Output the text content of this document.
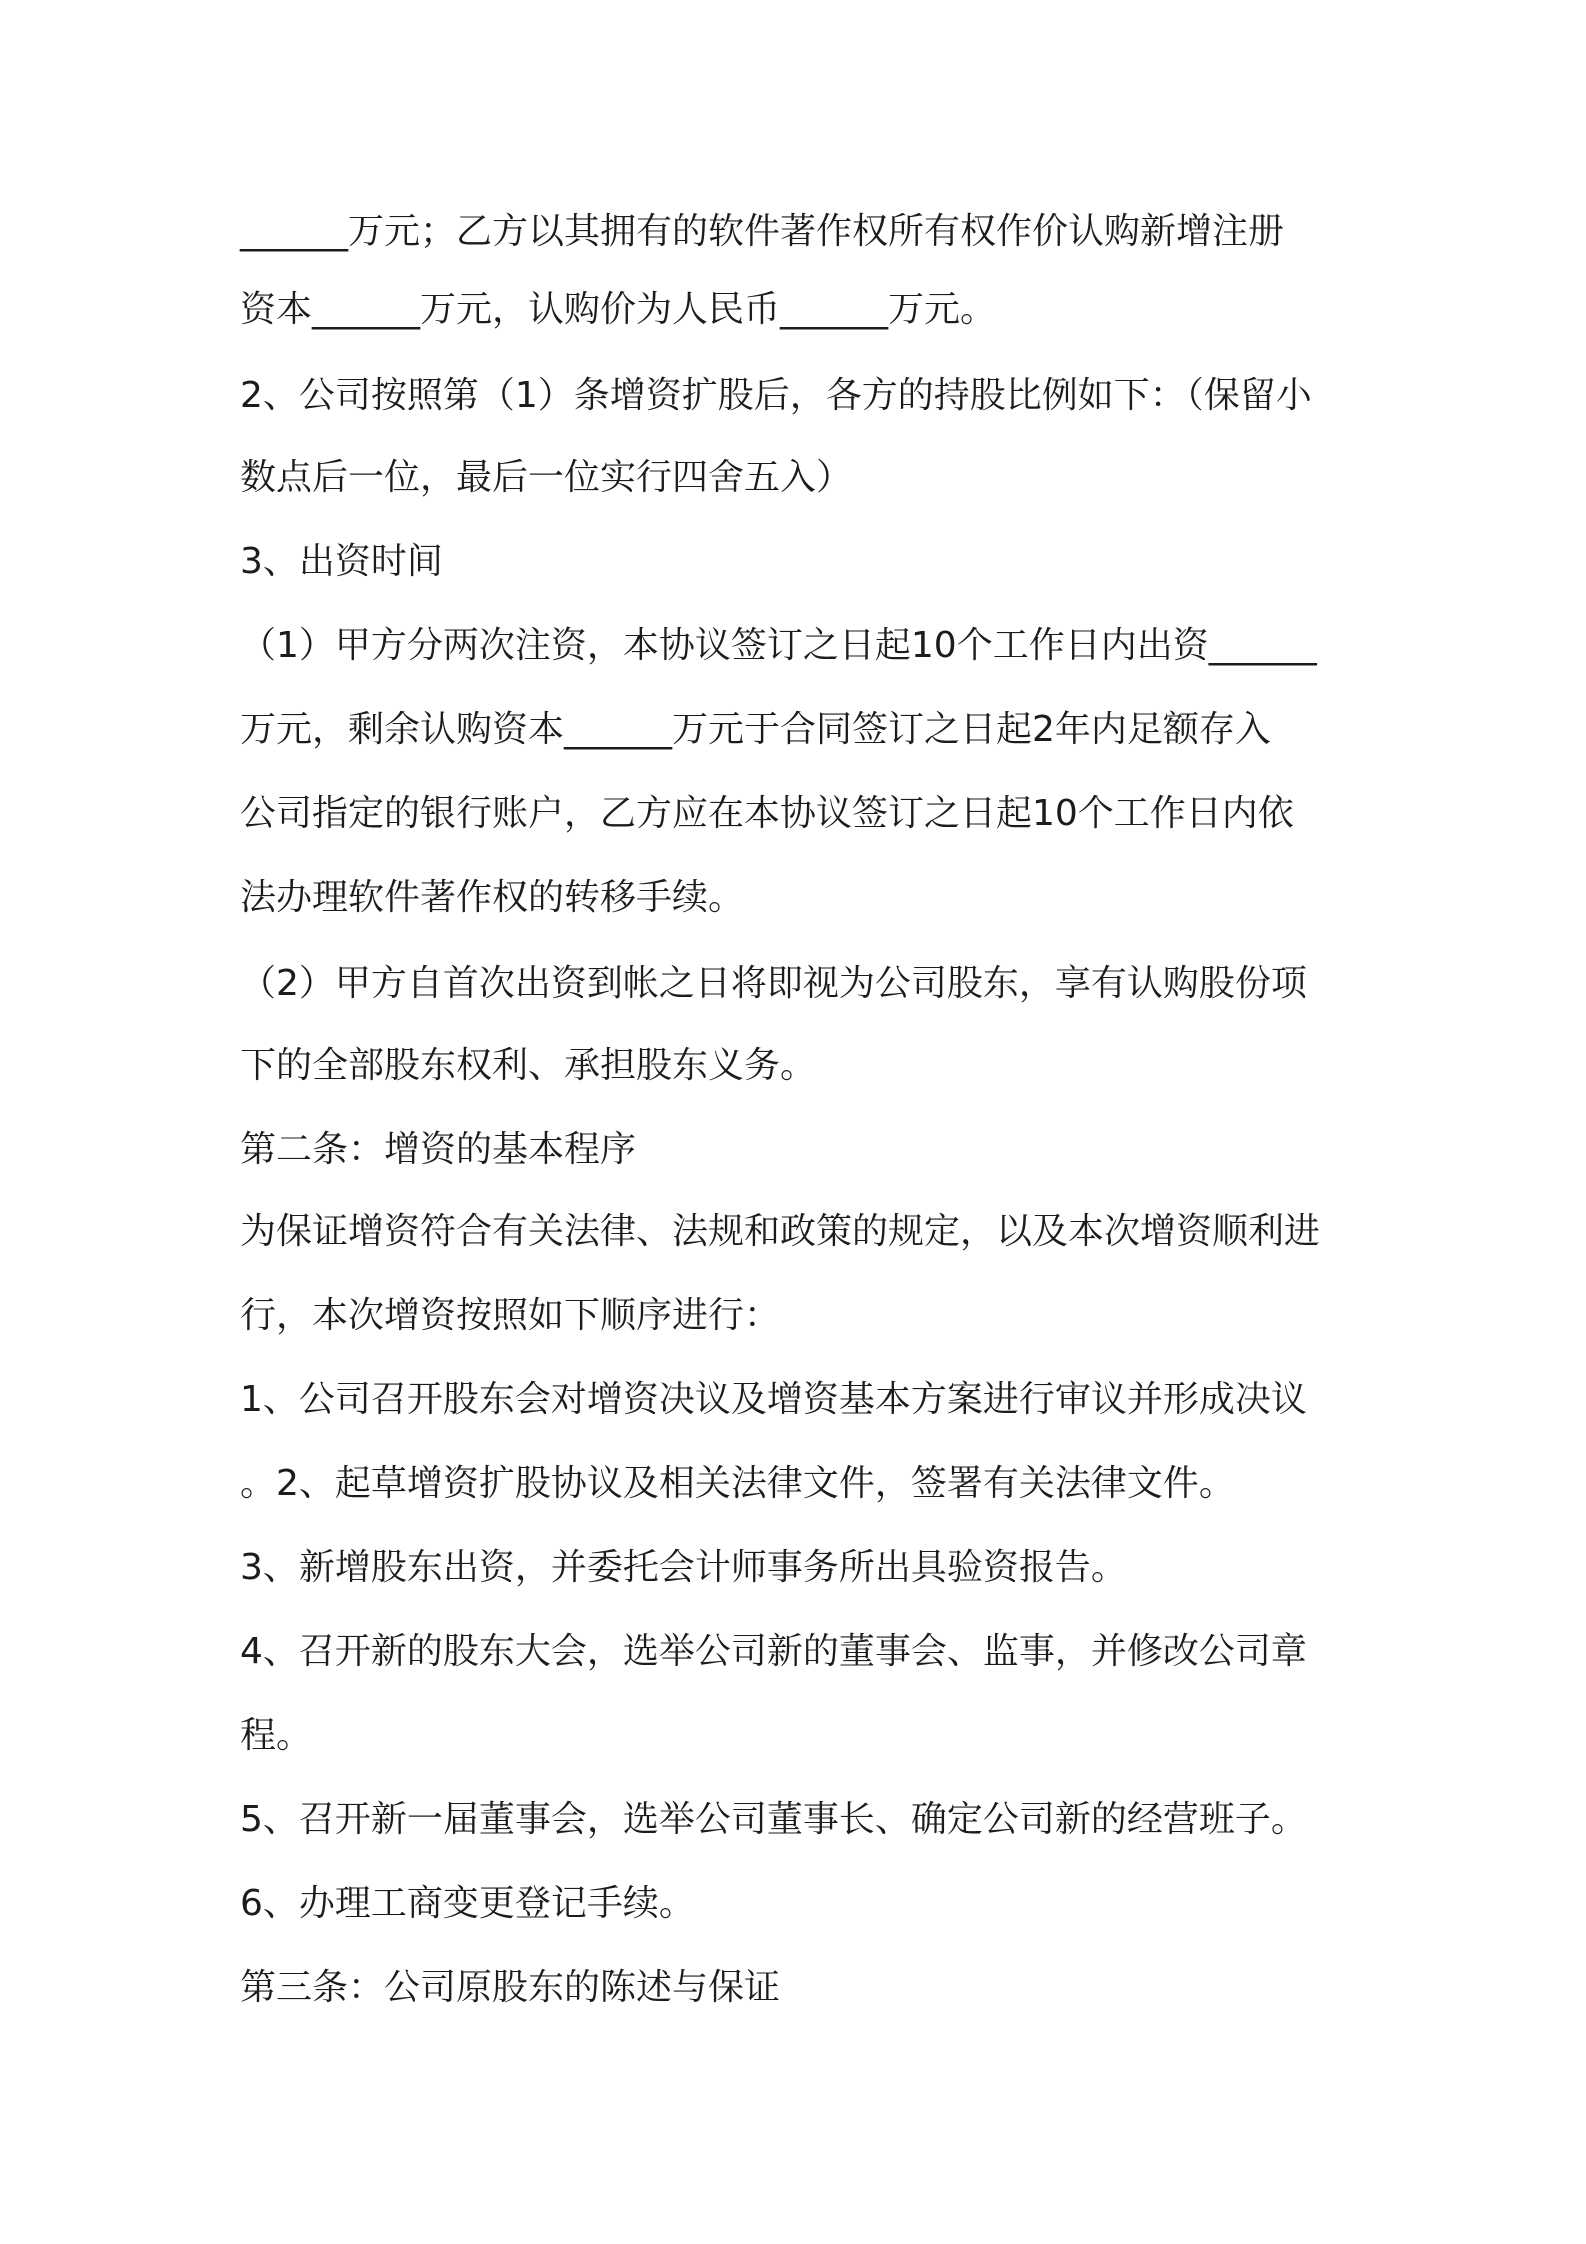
______万元；乙方以其拥有的软件著作权所有权作价认购新增注册
资本______万元，认购价为人民币______万元。
2、公司按照第（1）条增资扩股后，各方的持股比例如下：（保留小
数点后一位，最后一位实行四舍五入）
3、出资时间
（1）甲方分两次注资，本协议签订之日起10个工作日内出资______
万元，剩余认购资本______万元于合同签订之日起2年内足额存入
公司指定的银行账户，乙方应在本协议签订之日起10个工作日内依
法办理软件著作权的转移手续。
（2）甲方自首次出资到帐之日将即视为公司股东，享有认购股份项
下的全部股东权利、承担股东义务。
第二条：增资的基本程序
为保证增资符合有关法律、法规和政策的规定，以及本次增资顺利进
行，本次增资按照如下顺序进行：
1、公司召开股东会对增资决议及增资基本方案进行审议并形成决议
。2、起草增资扩股协议及相关法律文件，签署有关法律文件。
3、新增股东出资，并委托会计师事务所出具验资报告。
4、召开新的股东大会，选举公司新的董事会、监事，并修改公司章
程。
5、召开新一届董事会，选举公司董事长、确定公司新的经营班子。
6、办理工商变更登记手续。
第三条：公司原股东的陈述与保证
